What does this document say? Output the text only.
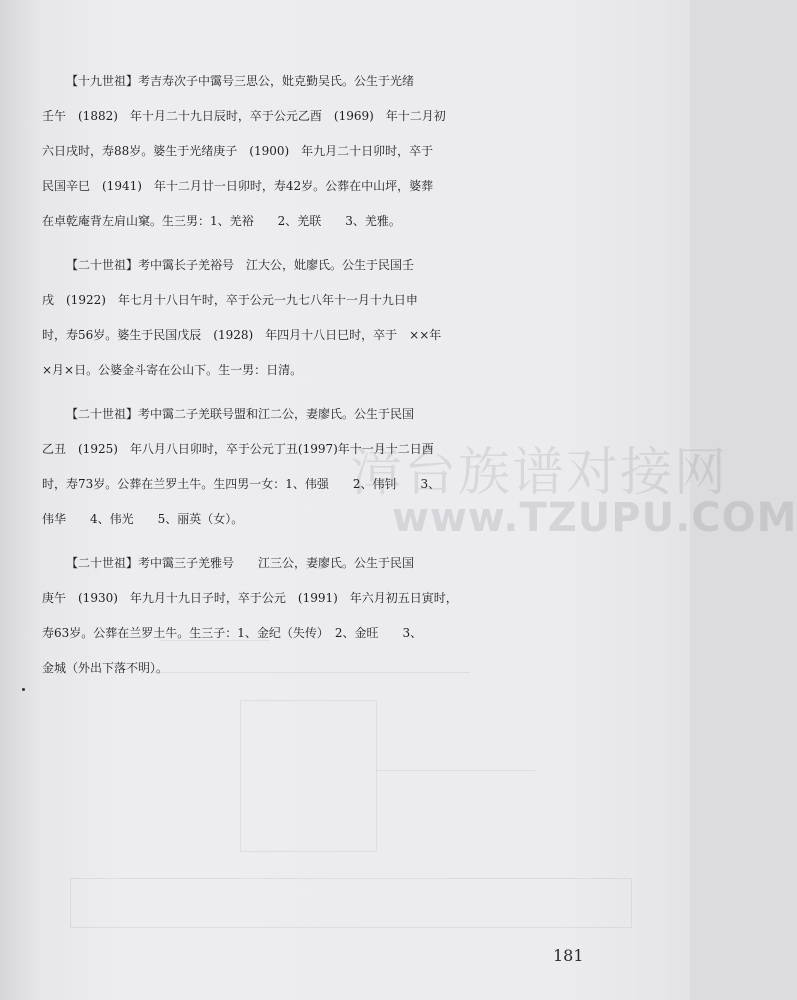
漳台族谱对接网
www.TZUPU.COM
【十九世祖】考吉寿次子中霭号三思公，妣克勤吴氏。公生于光绪
壬午　(1882)　年十月二十九日辰时，卒于公元乙酉　(1969)　年十二月初
六日戌时，寿88岁。婆生于光绪庚子　(1900)　年九月二十日卯时，卒于
民国辛巳　(1941)　年十二月廿一日卯时，寿42岁。公葬在中山坪，婆葬
在卓乾庵背左肩山窠。生三男：1、羌裕　　2、羌联　　3、羌雅。
【二十世祖】考中霭长子羌裕号　江大公，妣廖氏。公生于民国壬
戌　(1922)　年七月十八日午时，卒于公元一九七八年十一月十九日申
时，寿56岁。婆生于民国戊辰　(1928)　年四月十八日巳时，卒于　××年
×月×日。公婆金斗寄在公山下。生一男：日清。
【二十世祖】考中霭二子羌联号盟和江二公，妻廖氏。公生于民国
乙丑　(1925)　年八月八日卯时，卒于公元丁丑(1997)年十一月十二日酉
时，寿73岁。公葬在兰罗土牛。生四男一女：1、伟强　　2、伟钊　　3、
伟华　　4、伟光　　5、丽英（女）。
【二十世祖】考中霭三子羌雅号　　江三公，妻廖氏。公生于民国
庚午　(1930)　年九月十九日子时，卒于公元　(1991)　年六月初五日寅时，
寿63岁。公葬在兰罗土牛。生三子：1、金纪（失传）　2、金旺　　3、
金城（外出下落不明）。
181
